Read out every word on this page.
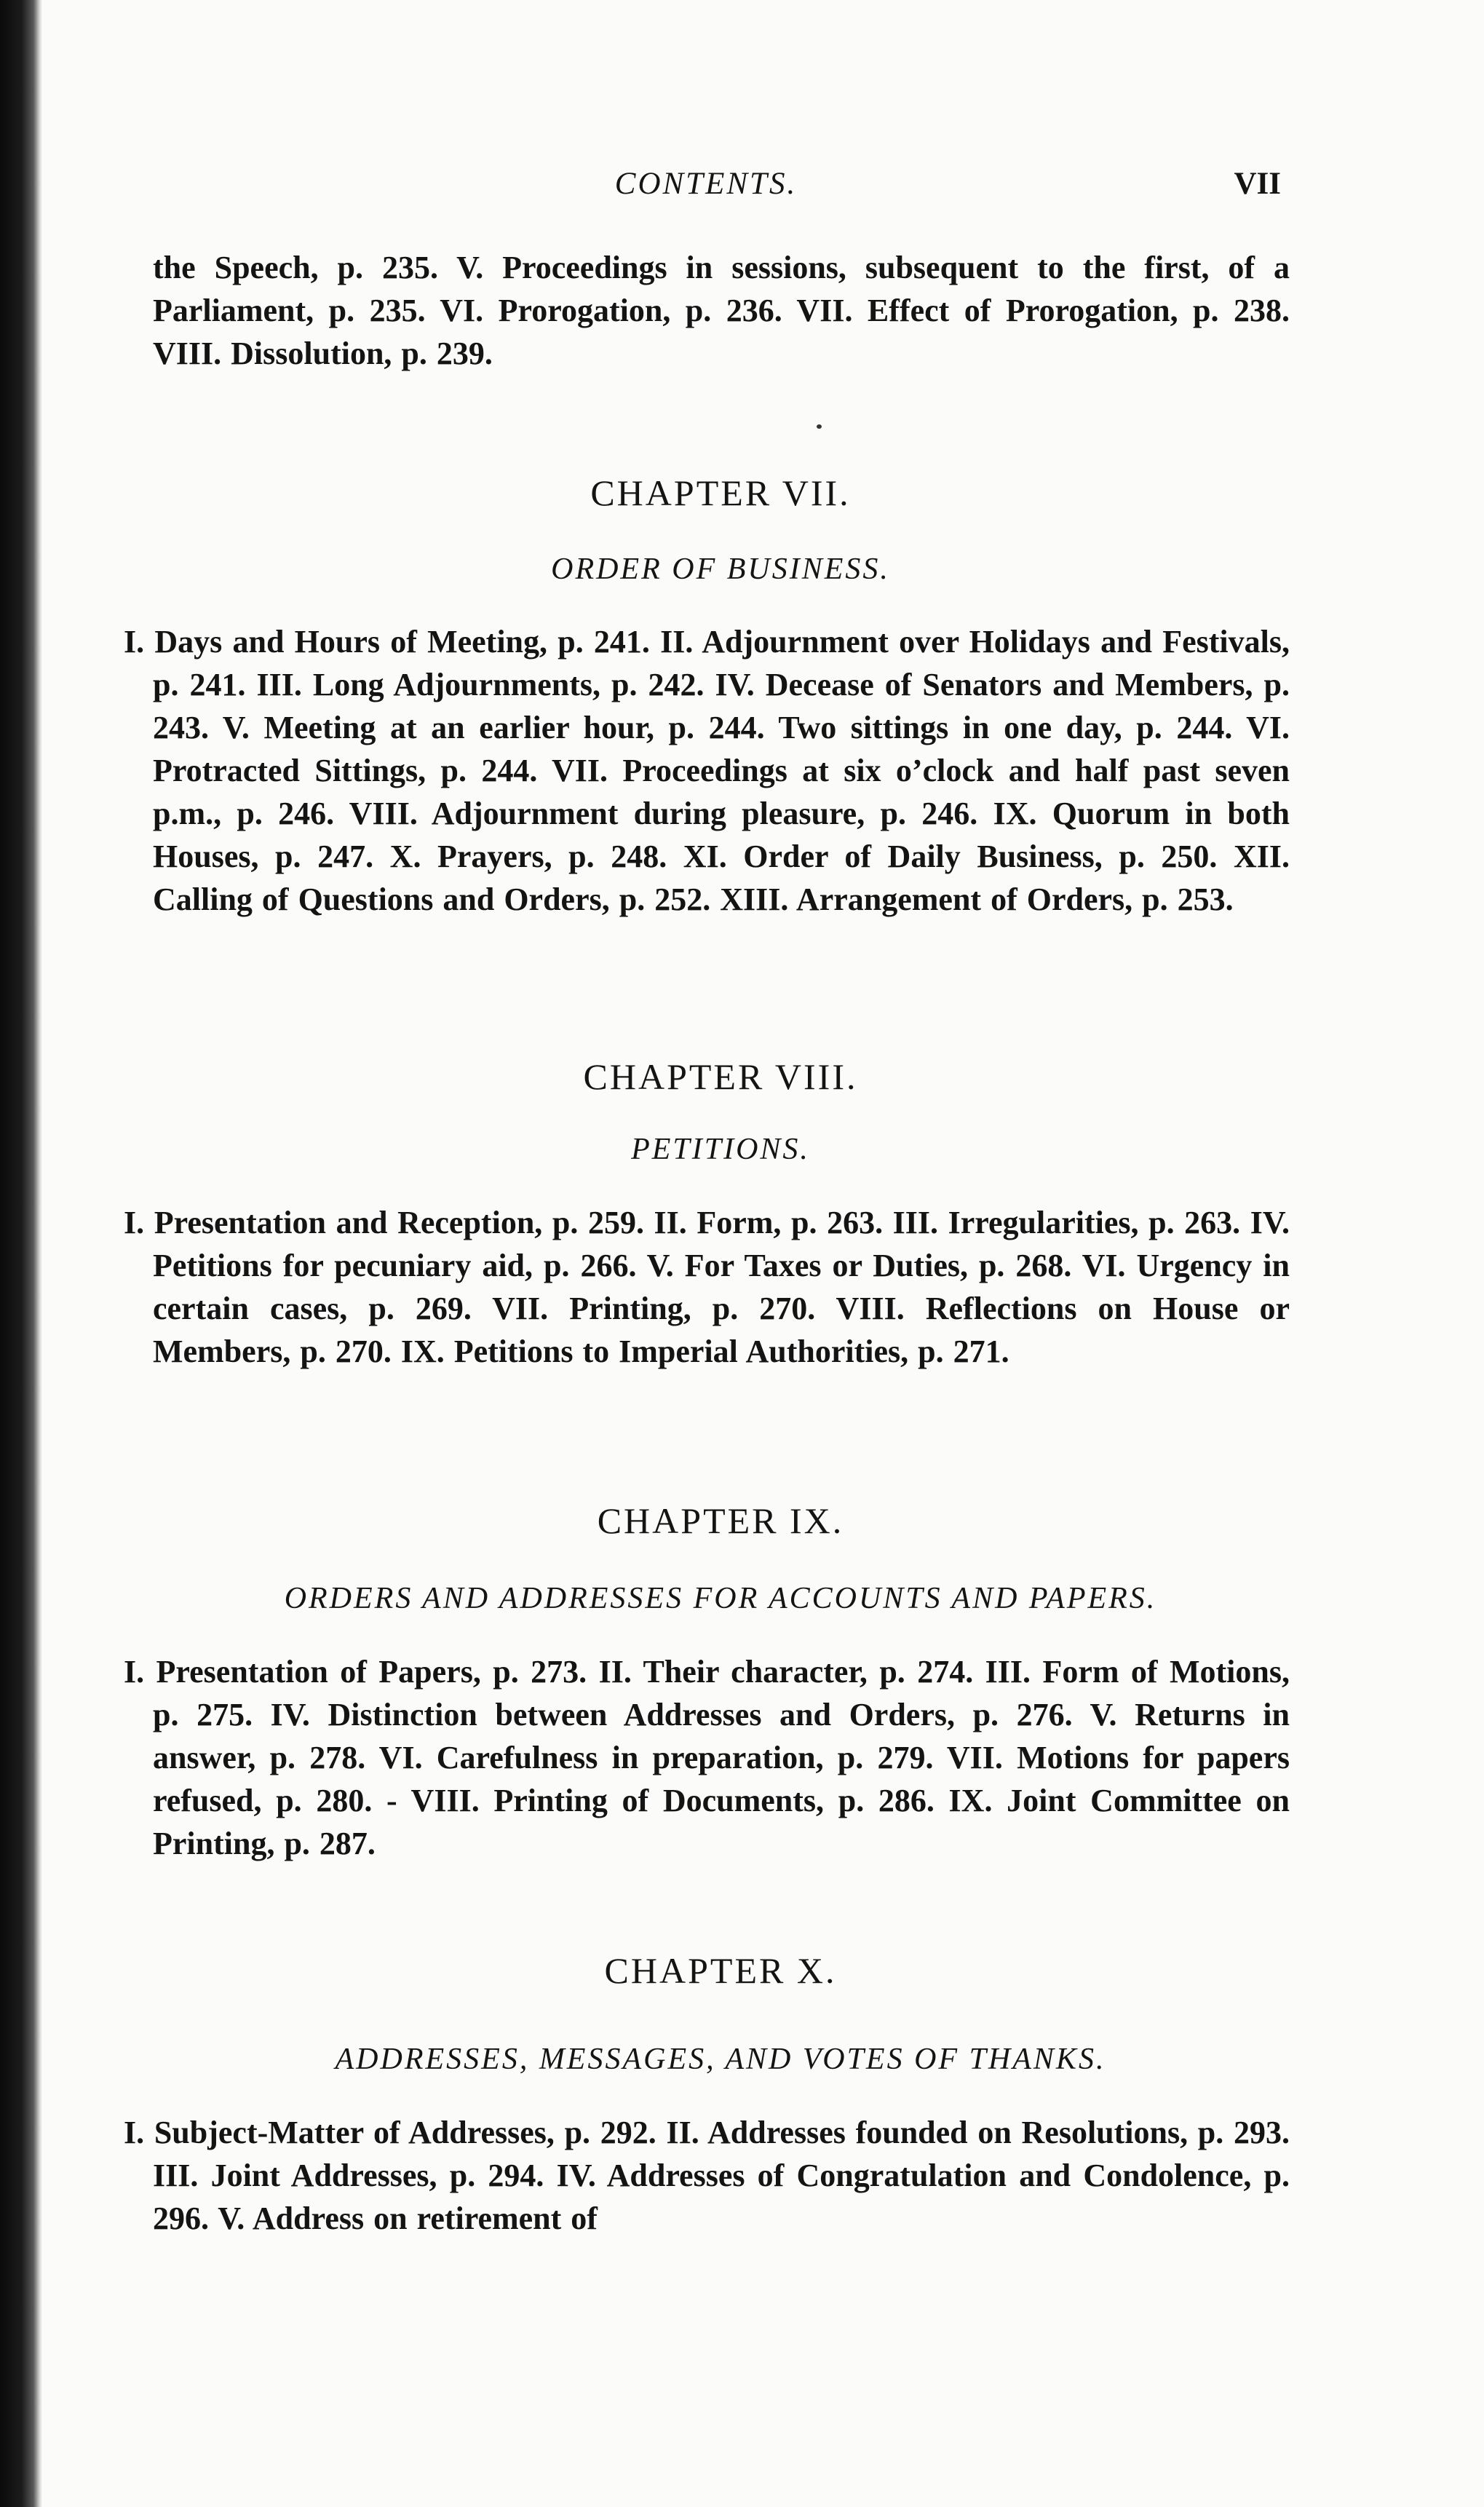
CONTENTS.	VII
the Speech, p. 235. V. Proceedings in sessions, subsequent to the first, of a Parliament, p. 235. VI. Prorogation, p. 236. VII. Effect of Prorogation, p. 238. VIII. Dissolution, p. 239.
CHAPTER VII.
ORDER OF BUSINESS.
I. Days and Hours of Meeting, p. 241. II. Adjournment over Holidays and Festivals, p. 241. III. Long Adjournments, p. 242. IV. Decease of Senators and Members, p. 243. V. Meeting at an earlier hour, p. 244. Two sittings in one day, p. 244. VI. Protracted Sittings, p. 244. VII. Proceedings at six o’clock and half past seven p.m., p. 246. VIII. Adjournment during pleasure, p. 246. IX. Quorum in both Houses, p. 247. X. Prayers, p. 248. XI. Order of Daily Business, p. 250. XII. Calling of Questions and Orders, p. 252. XIII. Arrangement of Orders, p. 253.
CHAPTER VIII.
PETITIONS.
I. Presentation and Reception, p. 259. II. Form, p. 263. III. Irregularities, p. 263. IV. Petitions for pecuniary aid, p. 266. V. For Taxes or Duties, p. 268. VI. Urgency in certain cases, p. 269. VII. Printing, p. 270. VIII. Reflections on House or Members, p. 270. IX. Petitions to Imperial Authorities, p. 271.
CHAPTER IX.
ORDERS AND ADDRESSES FOR ACCOUNTS AND PAPERS.
I. Presentation of Papers, p. 273. II. Their character, p. 274. III. Form of Motions, p. 275. IV. Distinction between Addresses and Orders, p. 276. V. Returns in answer, p. 278. VI. Carefulness in preparation, p. 279. VII. Motions for papers refused, p. 280. - VIII. Printing of Documents, p. 286. IX. Joint Committee on Printing, p. 287.
CHAPTER X.
ADDRESSES, MESSAGES, AND VOTES OF THANKS.
I. Subject-Matter of Addresses, p. 292. II. Addresses founded on Resolutions, p. 293. III. Joint Addresses, p. 294. IV. Addresses of Congratulation and Condolence, p. 296. V. Address on retirement of
